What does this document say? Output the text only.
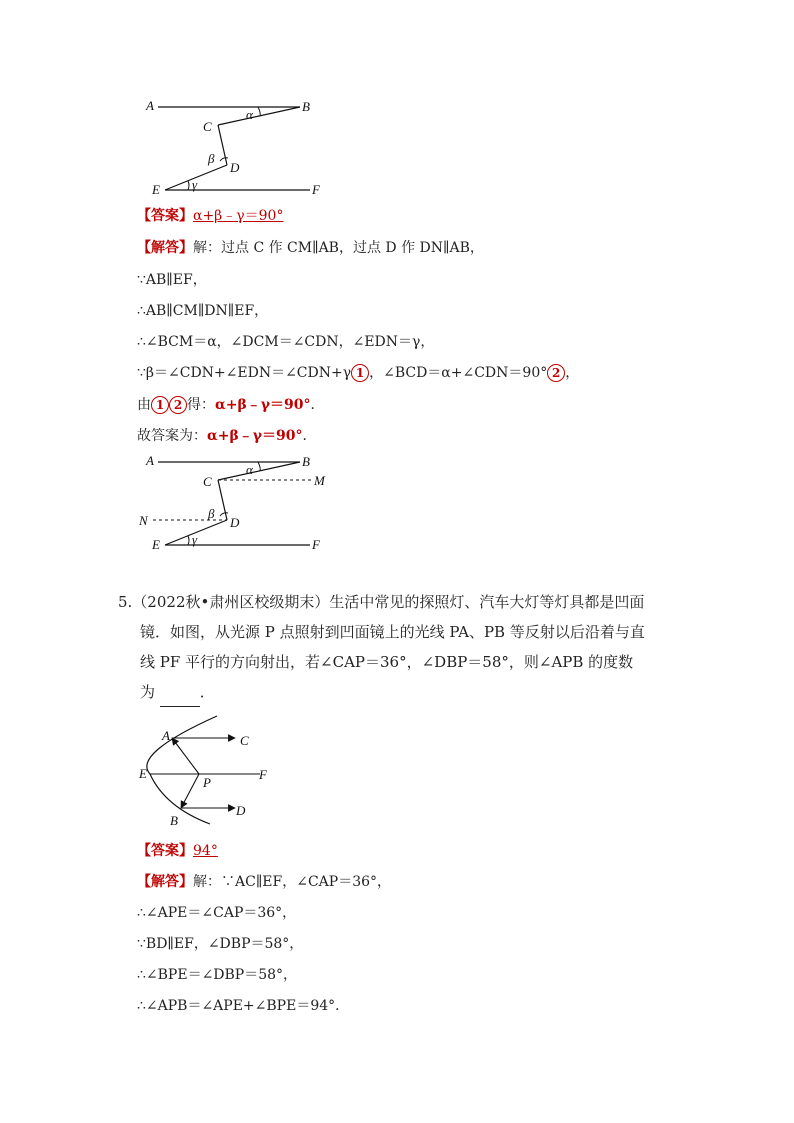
A	B
C
D
E	F
α
β
γ
【答案】α+β﹣γ＝90°
【解答】解：过点 C 作 CM∥AB，过点 D 作 DN∥AB，
∵AB∥EF，
∴AB∥CM∥DN∥EF，
∴∠BCM＝α，∠DCM＝∠CDN，∠EDN＝γ，
∵β＝∠CDN+∠EDN＝∠CDN+γ 1 ，∠BCD＝α+∠CDN＝90° 2 ，
由 1 2 得：α+β﹣γ＝90°．
故答案为：α+β﹣γ＝90°．
A	B
C
D
E	F
M
N
α
β
γ
5.（2022秋•肃州区校级期末）生活中常见的探照灯、汽车大灯等灯具都是凹面
镜．如图，从光源 P 点照射到凹面镜上的光线 PA、PB 等反射以后沿着与直
线 PF 平行的方向射出，若∠CAP＝36°，∠DBP＝58°，则∠APB 的度数
为	．
A	C
E	F
P
B
D
【答案】94°
【解答】解：∵AC∥EF，∠CAP＝36°，
∴∠APE＝∠CAP＝36°，
∵BD∥EF，∠DBP＝58°，
∴∠BPE＝∠DBP＝58°，
∴∠APB＝∠APE+∠BPE＝94°．
